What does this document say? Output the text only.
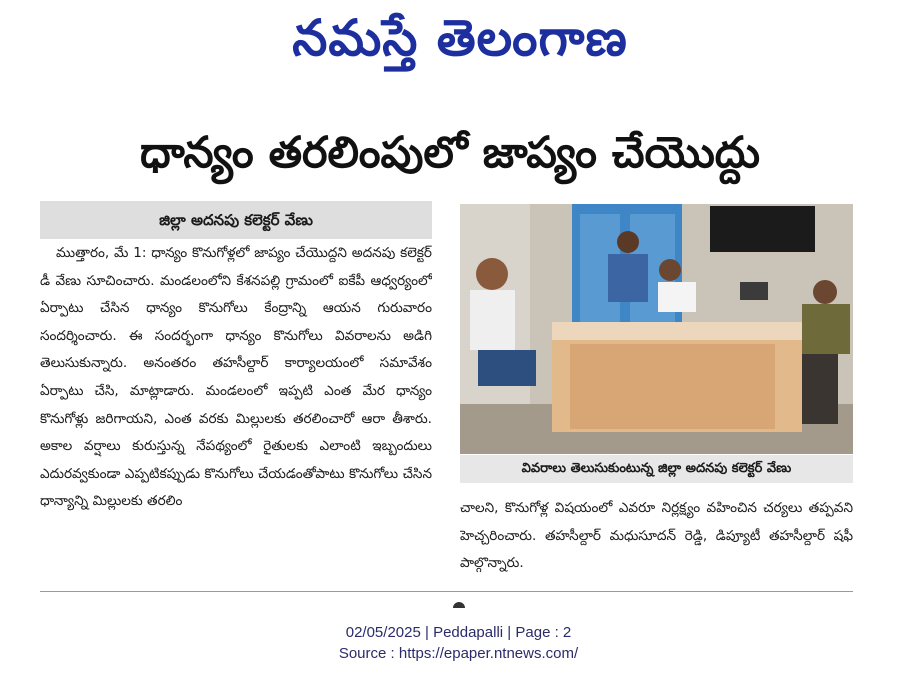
నమస్తే తెలంగాణ
ధాన్యం తరలింపులో జాప్యం చేయొద్దు
జిల్లా అదనపు కలెక్టర్‌ వేణు

ముత్తారం, మే 1: ధాన్యం కొనుగోళ్లలో జాప్యం చేయొద్దని అదనపు కలెక్టర్‌ డీ వేణు సూచించారు. మండలంలోని కేశనపల్లి గ్రామంలో ఐకేపీ ఆధ్వర్యంలో ఏర్పాటు చేసిన ధాన్యం కొనుగోలు కేంద్రాన్ని ఆయన గురువారం సందర్శించారు. ఈ సందర్భంగా ధాన్యం కొనుగోలు వివరాలను అడిగి తెలుసుకున్నారు. అనంతరం తహసీల్దార్‌ కార్యాలయంలో సమావేశం ఏర్పాటు చేసి, మాట్లాడారు. మండలంలో ఇప్పటి ఎంత మేర ధాన్యం కొనుగోళ్లు జరిగాయని, ఎంత వరకు మిల్లులకు తరలించారో ఆరా తీశారు. అకాల వర్షాలు కురుస్తున్న నేపథ్యంలో రైతులకు ఎలాంటి ఇబ్బందులు ఎదురవ్వకుండా ఎప్పటికప్పుడు కొనుగోలు చేయడంతోపాటు కొనుగోలు చేసిన ధాన్యాన్ని మిల్లులకు తరలిం

వివరాలు తెలుసుకుంటున్న జిల్లా అదనపు కలెక్టర్‌ వేణు

చాలని, కొనుగోళ్ల విషయంలో ఎవరూ నిర్లక్ష్యం వహించిన చర్యలు తప్పవని హెచ్చరించారు. తహసీల్దార్‌ మధుసూదన్‌ రెడ్డి, డిప్యూటీ తహసీల్దార్‌ షఫీ పాల్గొన్నారు.

02/05/2025 | Peddapalli | Page : 2
Source : https://epaper.ntnews.com/
